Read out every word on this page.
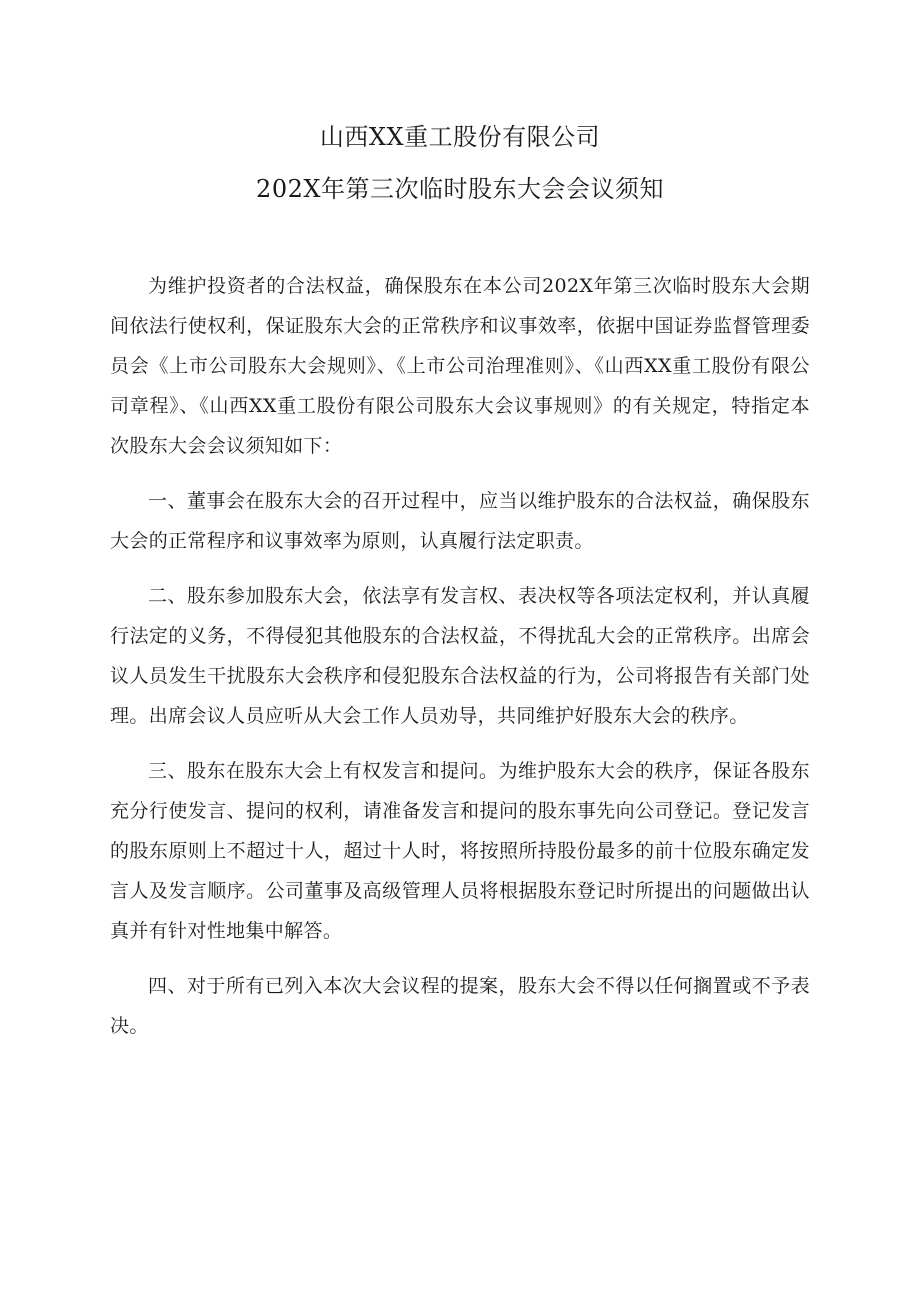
山西XX重工股份有限公司
202X年第三次临时股东大会会议须知

为维护投资者的合法权益，确保股东在本公司202X年第三次临时股东大会期间依法行使权利，保证股东大会的正常秩序和议事效率，依据中国证券监督管理委员会《上市公司股东大会规则》、《上市公司治理准则》、《山西XX重工股份有限公司章程》、《山西XX重工股份有限公司股东大会议事规则》的有关规定，特指定本次股东大会会议须知如下：

一、董事会在股东大会的召开过程中，应当以维护股东的合法权益，确保股东大会的正常程序和议事效率为原则，认真履行法定职责。

二、股东参加股东大会，依法享有发言权、表决权等各项法定权利，并认真履行法定的义务，不得侵犯其他股东的合法权益，不得扰乱大会的正常秩序。出席会议人员发生干扰股东大会秩序和侵犯股东合法权益的行为，公司将报告有关部门处理。出席会议人员应听从大会工作人员劝导，共同维护好股东大会的秩序。

三、股东在股东大会上有权发言和提问。为维护股东大会的秩序，保证各股东充分行使发言、提问的权利，请准备发言和提问的股东事先向公司登记。登记发言的股东原则上不超过十人，超过十人时，将按照所持股份最多的前十位股东确定发言人及发言顺序。公司董事及高级管理人员将根据股东登记时所提出的问题做出认真并有针对性地集中解答。

四、对于所有已列入本次大会议程的提案，股东大会不得以任何搁置或不予表决。
